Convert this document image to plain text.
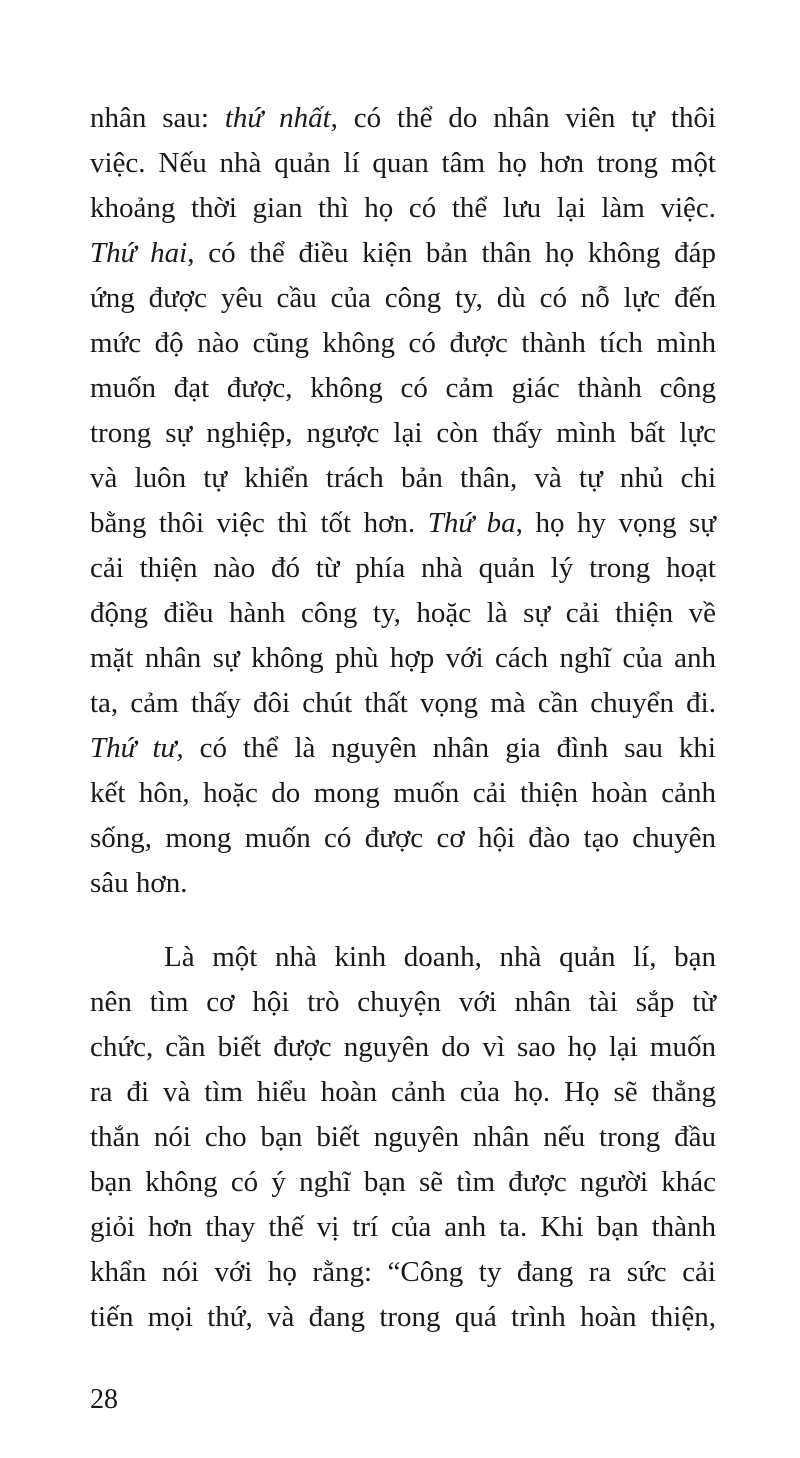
nhân sau: thứ nhất, có thể do nhân viên tự thôi
việc. Nếu nhà quản lí quan tâm họ hơn trong một
khoảng thời gian thì họ có thể lưu lại làm việc.
Thứ hai, có thể điều kiện bản thân họ không đáp
ứng được yêu cầu của công ty, dù có nỗ lực đến
mức độ nào cũng không có được thành tích mình
muốn đạt được, không có cảm giác thành công
trong sự nghiệp, ngược lại còn thấy mình bất lực
và luôn tự khiển trách bản thân, và tự nhủ chi
bằng thôi việc thì tốt hơn. Thứ ba, họ hy vọng sự
cải thiện nào đó từ phía nhà quản lý trong hoạt
động điều hành công ty, hoặc là sự cải thiện về
mặt nhân sự không phù hợp với cách nghĩ của anh
ta, cảm thấy đôi chút thất vọng mà cần chuyển đi.
Thứ tư, có thể là nguyên nhân gia đình sau khi
kết hôn, hoặc do mong muốn cải thiện hoàn cảnh
sống, mong muốn có được cơ hội đào tạo chuyên
sâu hơn.
Là một nhà kinh doanh, nhà quản lí, bạn
nên tìm cơ hội trò chuyện với nhân tài sắp từ
chức, cần biết được nguyên do vì sao họ lại muốn
ra đi và tìm hiểu hoàn cảnh của họ. Họ sẽ thẳng
thắn nói cho bạn biết nguyên nhân nếu trong đầu
bạn không có ý nghĩ bạn sẽ tìm được người khác
giỏi hơn thay thế vị trí của anh ta. Khi bạn thành
khẩn nói với họ rằng: “Công ty đang ra sức cải
tiến mọi thứ, và đang trong quá trình hoàn thiện,
28
